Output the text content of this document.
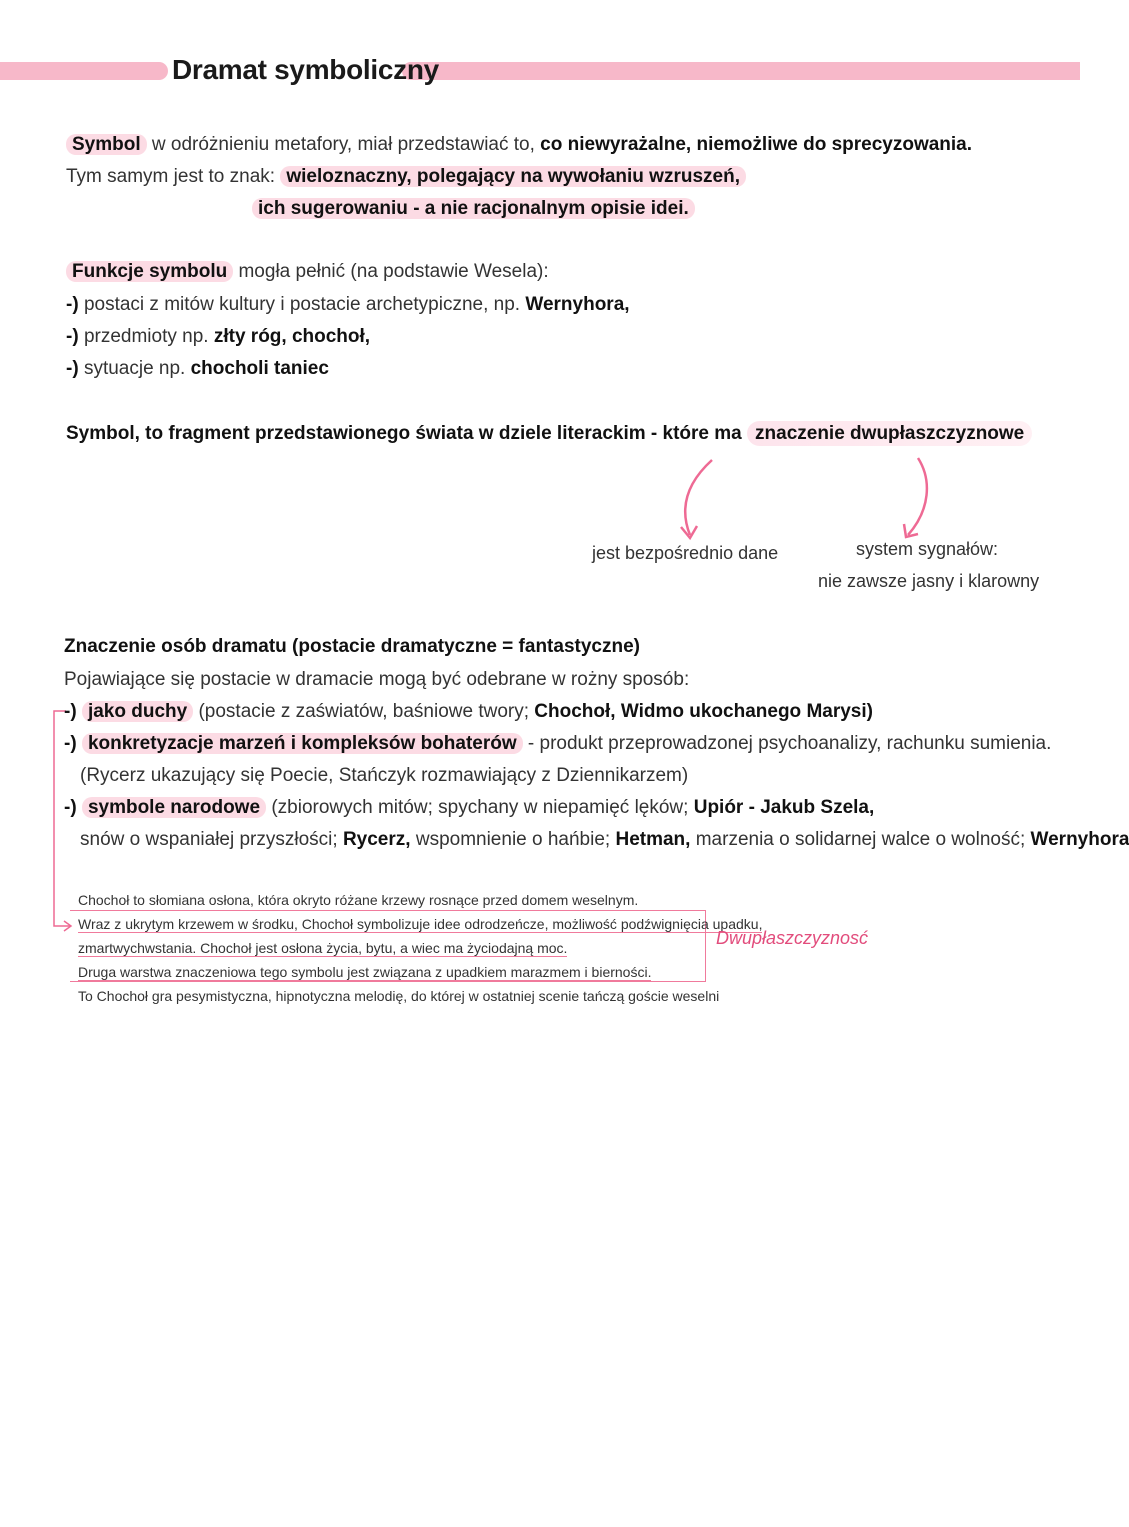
Dramat symboliczny
Symbol w odróżnieniu metafory, miał przedstawiać to, co niewyrażalne, niemożliwe do sprecyzowania.
Tym samym jest to znak: wieloznaczny, polegający na wywołaniu wzruszeń,
ich sugerowaniu - a nie racjonalnym opisie idei.
Funkcje symbolu mogła pełnić (na podstawie Wesela):
-) postaci z mitów kultury i postacie archetypiczne, np. Wernyhora,
-) przedmioty np. złty róg, chochoł,
-) sytuacje np. chocholi taniec
Symbol, to fragment przedstawionego świata w dziele literackim - które ma znaczenie dwupłaszczyznowe
jest bezpośrednio dane	system sygnałów:
nie zawsze jasny i klarowny
Znaczenie osób dramatu (postacie dramatyczne = fantastyczne)
Pojawiające się postacie w dramacie mogą być odebrane w rożny sposób:
-) jako duchy (postacie z zaświatów, baśniowe twory; Chochoł, Widmo ukochanego Marysi)
-) konkretyzacje marzeń i kompleksów bohaterów - produkt przeprowadzonej psychoanalizy, rachunku sumienia.
(Rycerz ukazujący się Poecie, Stańczyk rozmawiający z Dziennikarzem)
-) symbole narodowe (zbiorowych mitów; spychany w niepamięć lęków; Upiór - Jakub Szela,
snów o wspaniałej przyszłości; Rycerz, wspomnienie o hańbie; Hetman, marzenia o solidarnej walce o wolność; Wernyhora
Chochoł to słomiana osłona, która okryto różane krzewy rosnące przed domem weselnym.
Wraz z ukrytym krzewem w środku, Chochoł symbolizuje idee odrodzeńcze, możliwość podźwignięcia upadku,
zmartwychwstania. Chochoł jest osłona życia, bytu, a wiec ma życiodajną moc.
Druga warstwa znaczeniowa tego symbolu jest związana z upadkiem marazmem i bierności.
To Chochoł gra pesymistyczna, hipnotyczna melodię, do której w ostatniej scenie tańczą goście weselni
Dwupłaszczyznosć
